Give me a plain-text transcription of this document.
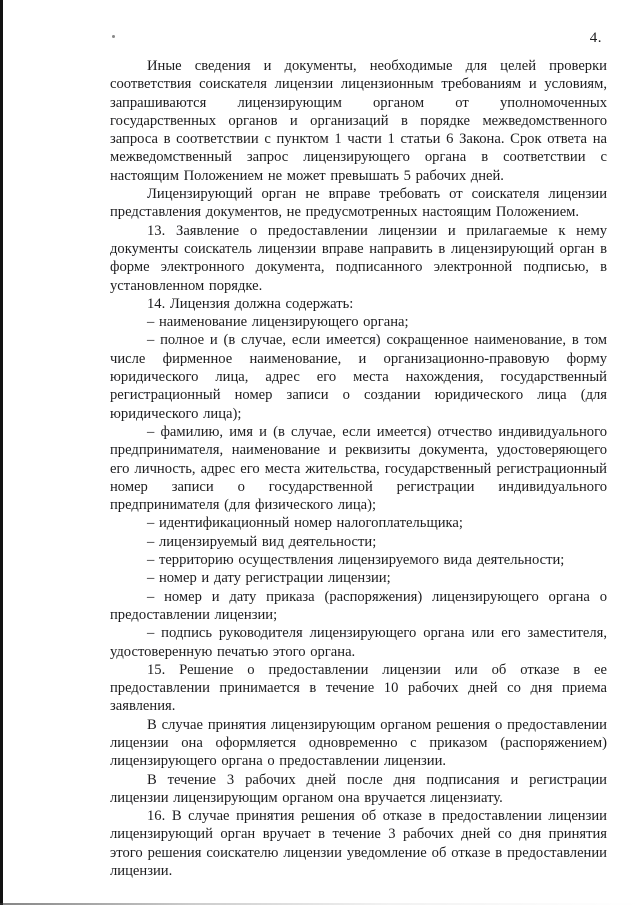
4.

Иные сведения и документы, необходимые для целей проверки соответствия соискателя лицензии лицензионным требованиям и условиям, запрашиваются лицензирующим органом от уполномоченных государственных органов и организаций в порядке межведомственного запроса в соответствии с пунктом 1 части 1 статьи 6 Закона. Срок ответа на межведомственный запрос лицензирующего органа в соответствии с настоящим Положением не может превышать 5 рабочих дней.

Лицензирующий орган не вправе требовать от соискателя лицензии представления документов, не предусмотренных настоящим Положением.

13. Заявление о предоставлении лицензии и прилагаемые к нему документы соискатель лицензии вправе направить в лицензирующий орган в форме электронного документа, подписанного электронной подписью, в установленном порядке.

14. Лицензия должна содержать:

– наименование лицензирующего органа;

– полное и (в случае, если имеется) сокращенное наименование, в том числе фирменное наименование, и организационно-правовую форму юридического лица, адрес его места нахождения, государственный регистрационный номер записи о создании юридического лица (для юридического лица);

– фамилию, имя и (в случае, если имеется) отчество индивидуального предпринимателя, наименование и реквизиты документа, удостоверяющего его личность, адрес его места жительства, государственный регистрационный номер записи о государственной регистрации индивидуального предпринимателя (для физического лица);

– идентификационный номер налогоплательщика;

– лицензируемый вид деятельности;

– территорию осуществления лицензируемого вида деятельности;

– номер и дату регистрации лицензии;

– номер и дату приказа (распоряжения) лицензирующего органа о предоставлении лицензии;

– подпись руководителя лицензирующего органа или его заместителя, удостоверенную печатью этого органа.

15. Решение о предоставлении лицензии или об отказе в ее предоставлении принимается в течение 10 рабочих дней со дня приема заявления.

В случае принятия лицензирующим органом решения о предоставлении лицензии она оформляется одновременно с приказом (распоряжением) лицензирующего органа о предоставлении лицензии.

В течение 3 рабочих дней после дня подписания и регистрации лицензии лицензирующим органом она вручается лицензиату.

16. В случае принятия решения об отказе в предоставлении лицензии лицензирующий орган вручает в течение 3 рабочих дней со дня принятия этого решения соискателю лицензии уведомление об отказе в предоставлении лицензии.
